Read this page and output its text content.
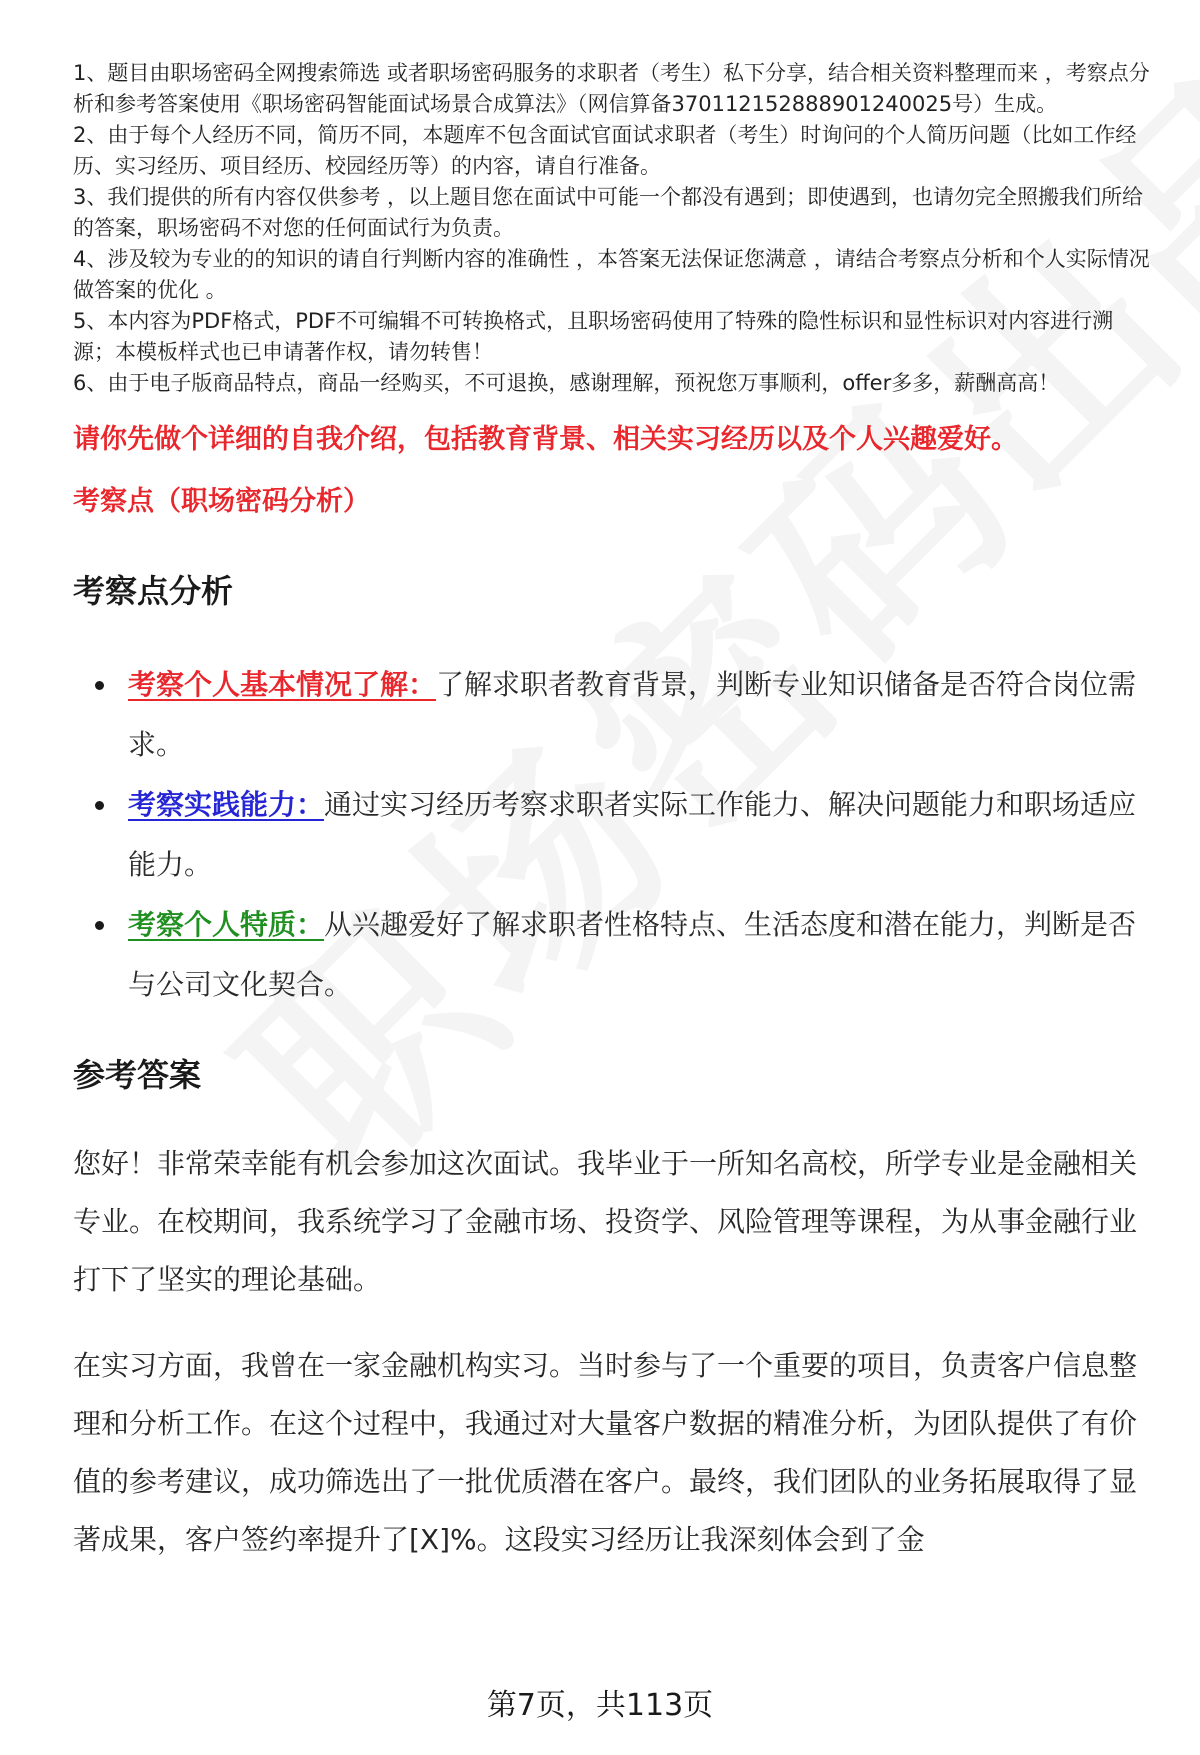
1、题目由职场密码全网搜索筛选 或者职场密码服务的求职者（考生）私下分享，结合相关资料整理而来 ，考察点分析和参考答案使用《职场密码智能面试场景合成算法》（网信算备370112152888901240025号）生成。

2、由于每个人经历不同，简历不同，本题库不包含面试官面试求职者（考生）时询问的个人简历问题（比如工作经历、实习经历、项目经历、校园经历等）的内容，请自行准备。

3、我们提供的所有内容仅供参考 ，以上题目您在面试中可能一个都没有遇到；即使遇到，也请勿完全照搬我们所给的答案，职场密码不对您的任何面试行为负责。

4、涉及较为专业的的知识的请自行判断内容的准确性 ，本答案无法保证您满意 ，请结合考察点分析和个人实际情况做答案的优化 。

5、本内容为PDF格式，PDF不可编辑不可转换格式，且职场密码使用了特殊的隐性标识和显性标识对内容进行溯源；本模板样式也已申请著作权，请勿转售！

6、由于电子版商品特点，商品一经购买，不可退换，感谢理解，预祝您万事顺利，offer多多，薪酬高高！

请你先做个详细的自我介绍，包括教育背景、相关实习经历以及个人兴趣爱好。
考察点（职场密码分析）
考察点分析
考察个人基本情况了解：了解求职者教育背景，判断专业知识储备是否符合岗位需求。
考察实践能力：通过实习经历考察求职者实际工作能力、解决问题能力和职场适应能力。
考察个人特质：从兴趣爱好了解求职者性格特点、生活态度和潜在能力，判断是否与公司文化契合。
参考答案

您好！非常荣幸能有机会参加这次面试。我毕业于一所知名高校，所学专业是金融相关专业。在校期间，我系统学习了金融市场、投资学、风险管理等课程，为从事金融行业打下了坚实的理论基础。

在实习方面，我曾在一家金融机构实习。当时参与了一个重要的项目，负责客户信息整理和分析工作。在这个过程中，我通过对大量客户数据的精准分析，为团队提供了有价值的参考建议，成功筛选出了一批优质潜在客户。最终，我们团队的业务拓展取得了显著成果，客户签约率提升了[X]%。这段实习经历让我深刻体会到了金

第7页，共113页
